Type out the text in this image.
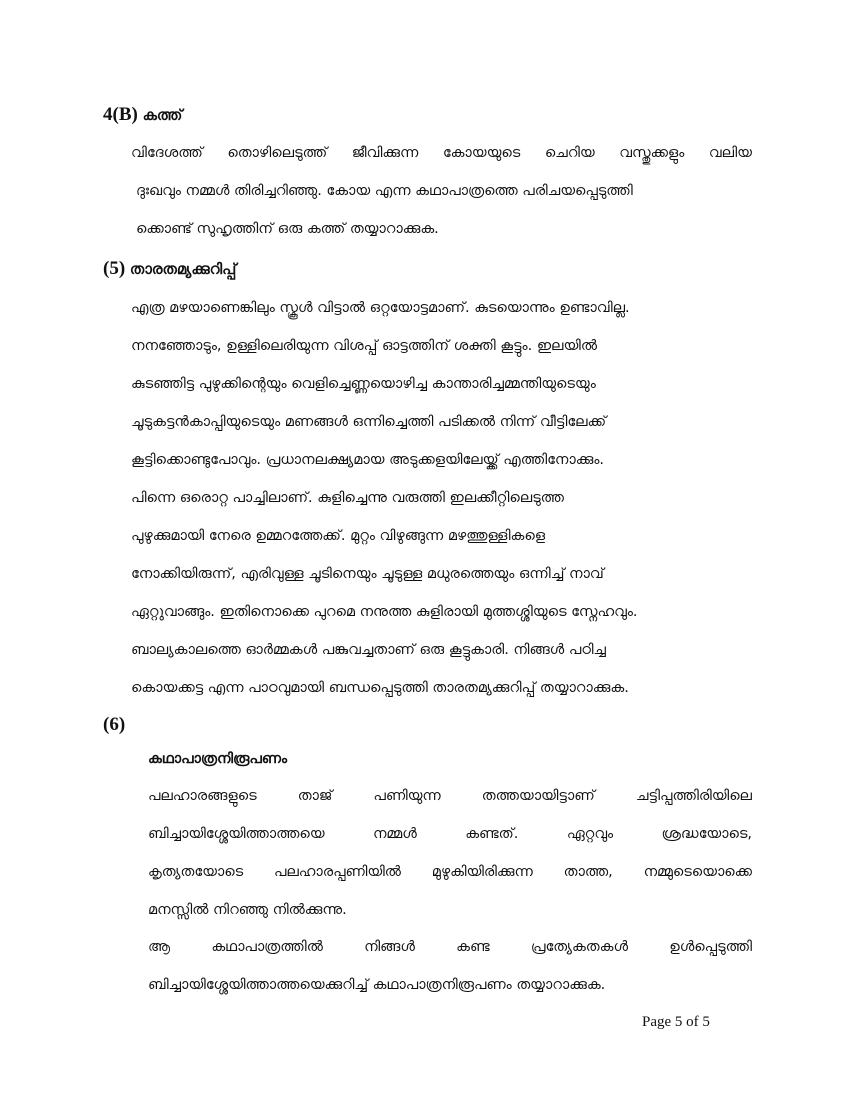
4(B) കത്ത്
വിദേശത്ത് തൊഴിലെടുത്ത് ജീവിക്കുന്ന കോയയുടെ ചെറിയ വസ്തുക്കളും വലിയ
ദുഃഖവും നമ്മൾ തിരിച്ചറിഞ്ഞു. കോയ എന്ന കഥാപാത്രത്തെ പരിചയപ്പെടുത്തി
ക്കൊണ്ട് സുഹൃത്തിന് ഒരു കത്ത് തയ്യാറാക്കുക.
(5) താരതമ്യക്കുറിപ്പ്
എത്ര മഴയാണെങ്കിലും സ്കൂൾ വിട്ടാൽ ഒറ്റയോട്ടമാണ്. കുടയൊന്നും ഉണ്ടാവില്ല.
നനഞ്ഞോടും, ഉള്ളിലെരിയുന്ന വിശപ്പ് ഓട്ടത്തിന് ശക്തി കൂട്ടും. ഇലയിൽ
കുടഞ്ഞിട്ട പുഴുക്കിന്റെയും വെളിച്ചെണ്ണയൊഴിച്ച കാന്താരിച്ചമ്മന്തിയുടെയും
ചൂടുകട്ടൻകാപ്പിയുടെയും മണങ്ങൾ ഒന്നിച്ചെത്തി പടിക്കൽ നിന്ന് വീട്ടിലേക്ക്
കൂട്ടിക്കൊണ്ടുപോവും. പ്രധാനലക്ഷ്യമായ അടുക്കളയിലേയ്ക്ക് എത്തിനോക്കും.
പിന്നെ ഒരൊറ്റ പാച്ചിലാണ്. കുളിച്ചെന്നു വരുത്തി ഇലക്കീറ്റിലെടുത്ത
പുഴുക്കുമായി നേരെ ഉമ്മറത്തേക്ക്. മുറ്റം വിഴുങ്ങുന്ന മഴത്തുള്ളികളെ
നോക്കിയിരുന്ന്, എരിവുള്ള ചൂടിനെയും ചൂടുള്ള മധുരത്തെയും ഒന്നിച്ച് നാവ്
ഏറ്റുവാങ്ങും. ഇതിനൊക്കെ പുറമെ നനുത്ത കുളിരായി മുത്തശ്ശിയുടെ സ്നേഹവും.
ബാല്യകാലത്തെ ഓർമ്മകൾ പങ്കുവച്ചതാണ് ഒരു കൂട്ടുകാരി. നിങ്ങൾ പഠിച്ച
കൊയക്കട്ട എന്ന പാഠവുമായി ബന്ധപ്പെടുത്തി താരതമ്യക്കുറിപ്പ് തയ്യാറാക്കുക.
(6)
കഥാപാത്രനിരൂപണം
പലഹാരങ്ങളുടെ	താജ്	പണിയുന്ന	തത്തയായിട്ടാണ്	ചട്ടിപ്പത്തിരിയിലെ
ബിച്ചായിശ്ശേയിത്താത്തയെ	നമ്മൾ	കണ്ടത്.	ഏറ്റവും	ശ്രദ്ധയോടെ,
കൃത്യതയോടെ പലഹാരപ്പണിയിൽ മുഴുകിയിരിക്കുന്ന താത്ത, നമ്മുടെയൊക്കെ
മനസ്സിൽ നിറഞ്ഞു നിൽക്കുന്നു.
ആ	കഥാപാത്രത്തിൽ	നിങ്ങൾ	കണ്ട	പ്രത്യേകതകൾ	ഉൾപ്പെടുത്തി
ബിച്ചായിശ്ശേയിത്താത്തയെക്കുറിച്ച് കഥാപാത്രനിരൂപണം തയ്യാറാക്കുക.
Page 5 of 5
